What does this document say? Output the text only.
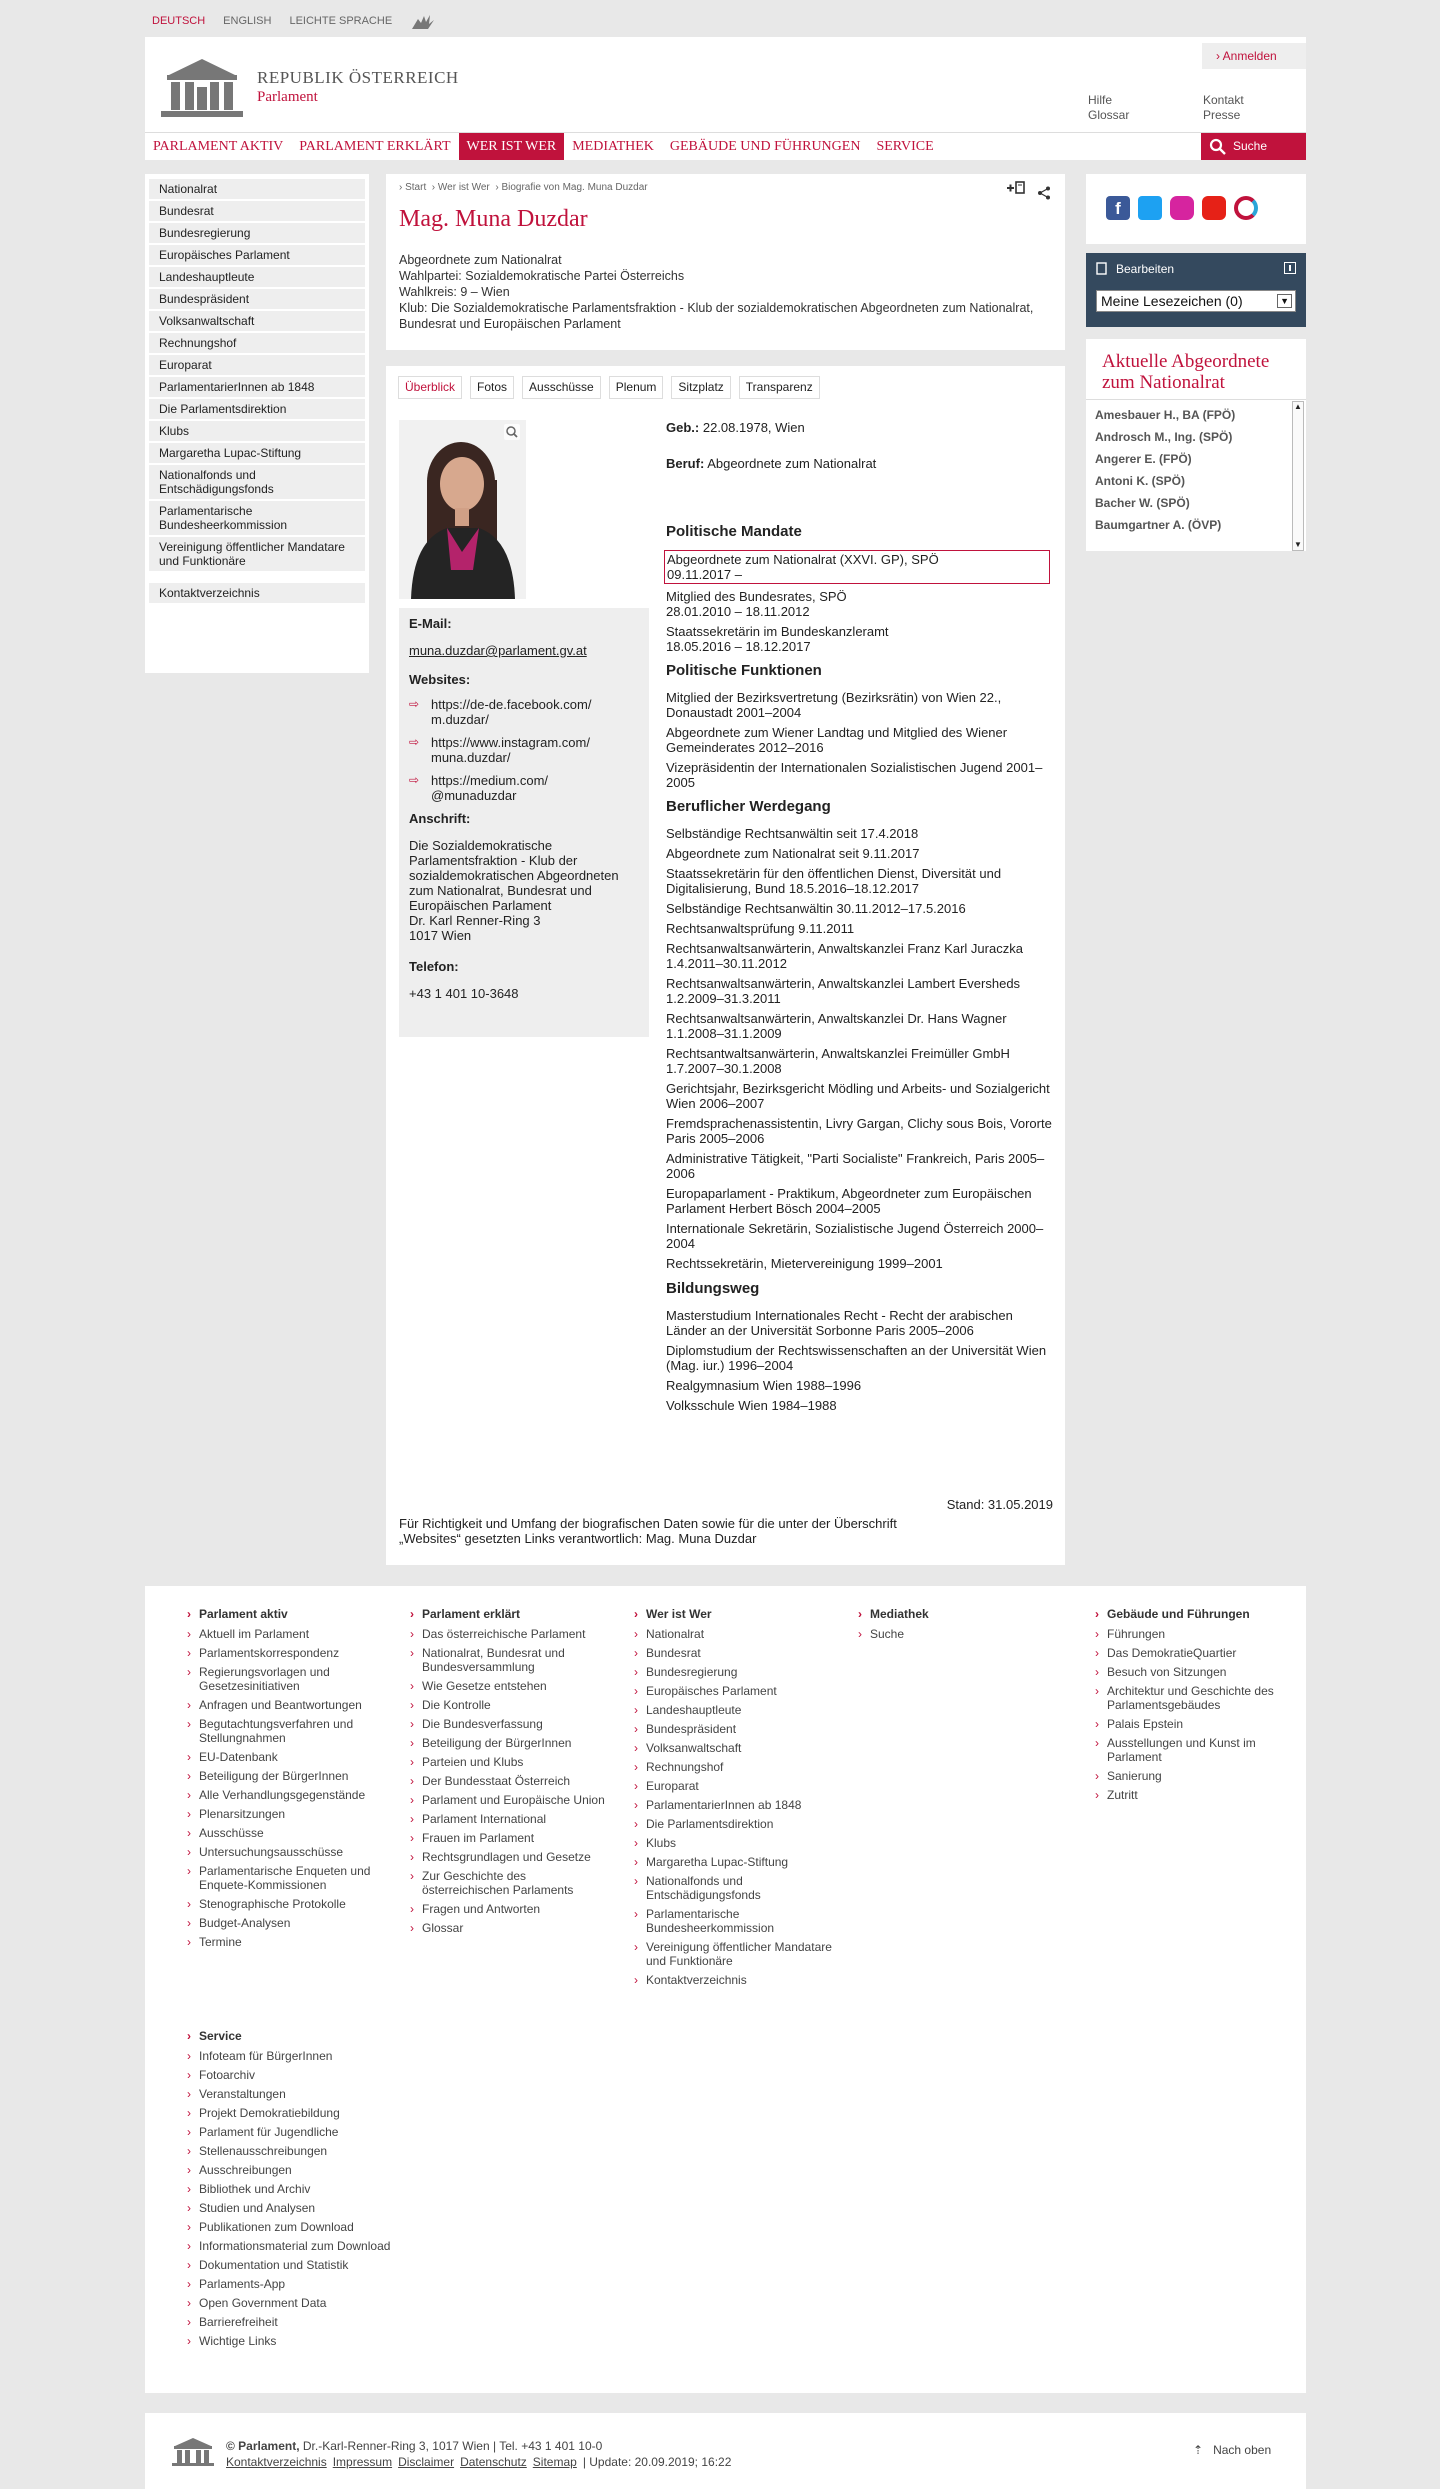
DEUTSCH ENGLISH LEICHTE SPRACHE
REPUBLIK ÖSTERREICH
Parlament
› Anmelden
Hilfe
Glossar
Kontakt
Presse
PARLAMENT AKTIV	PARLAMENT ERKLÄRT	WER IST WER	MEDIATHEK	GEBÄUDE UND FÜHRUNGEN	SERVICE	Suche
Nationalrat
Bundesrat
Bundesregierung
Europäisches Parlament
Landeshauptleute
Bundespräsident
Volksanwaltschaft
Rechnungshof
Europarat
ParlamentarierInnen ab 1848
Die Parlamentsdirektion
Klubs
Margaretha Lupac-Stiftung
Nationalfonds und Entschädigungsfonds
Parlamentarische Bundesheerkommission
Vereinigung öffentlicher Mandatare und Funktionäre
Kontaktverzeichnis
› Start  › Wer ist Wer  › Biografie von Mag. Muna Duzdar
Mag. Muna Duzdar
Abgeordnete zum Nationalrat
Wahlpartei: Sozialdemokratische Partei Österreichs
Wahlkreis: 9 – Wien
Klub: Die Sozialdemokratische Parlamentsfraktion - Klub der sozialdemokratischen Abgeordneten zum Nationalrat, Bundesrat und Europäischen Parlament
Überblick	Fotos	Ausschüsse	Plenum	Sitzplatz	Transparenz
E-Mail:
muna.duzdar@parlament.gv.at
Websites:
⇨ https://de-de.facebook.com/ m.duzdar/
⇨ https://www.instagram.com/ muna.duzdar/
⇨ https://medium.com/ @munaduzdar
Anschrift:
Die Sozialdemokratische
Parlamentsfraktion - Klub der
sozialdemokratischen Abgeordneten
zum Nationalrat, Bundesrat und
Europäischen Parlament
Dr. Karl Renner-Ring 3
1017 Wien
Telefon:
+43 1 401 10-3648
Geb.: 22.08.1978, Wien
Beruf: Abgeordnete zum Nationalrat
Politische Mandate
Abgeordnete zum Nationalrat (XXVI. GP), SPÖ
09.11.2017 –
Mitglied des Bundesrates, SPÖ
28.01.2010 – 18.11.2012
Staatssekretärin im Bundeskanzleramt
18.05.2016 – 18.12.2017
Politische Funktionen
Mitglied der Bezirksvertretung (Bezirksrätin) von Wien 22., Donaustadt 2001–2004
Abgeordnete zum Wiener Landtag und Mitglied des Wiener Gemeinderates 2012–2016
Vizepräsidentin der Internationalen Sozialistischen Jugend 2001–2005
Beruflicher Werdegang
Selbständige Rechtsanwältin seit 17.4.2018
Abgeordnete zum Nationalrat seit 9.11.2017
Staatssekretärin für den öffentlichen Dienst, Diversität und Digitalisierung, Bund 18.5.2016–18.12.2017
Selbständige Rechtsanwältin 30.11.2012–17.5.2016
Rechtsanwaltsprüfung 9.11.2011
Rechtsanwaltsanwärterin, Anwaltskanzlei Franz Karl Juraczka 1.4.2011–30.11.2012
Rechtsanwaltsanwärterin, Anwaltskanzlei Lambert Eversheds 1.2.2009–31.3.2011
Rechtsanwaltsanwärterin, Anwaltskanzlei Dr. Hans Wagner 1.1.2008–31.1.2009
Rechtsantwaltsanwärterin, Anwaltskanzlei Freimüller GmbH 1.7.2007–30.1.2008
Gerichtsjahr, Bezirksgericht Mödling und Arbeits- und Sozialgericht Wien 2006–2007
Fremdsprachenassistentin, Livry Gargan, Clichy sous Bois, Vororte Paris 2005–2006
Administrative Tätigkeit, "Parti Socialiste" Frankreich, Paris 2005–2006
Europaparlament - Praktikum, Abgeordneter zum Europäischen Parlament Herbert Bösch 2004–2005
Internationale Sekretärin, Sozialistische Jugend Österreich 2000–2004
Rechtssekretärin, Mietervereinigung 1999–2001
Bildungsweg
Masterstudium Internationales Recht - Recht der arabischen Länder an der Universität Sorbonne Paris 2005–2006
Diplomstudium der Rechtswissenschaften an der Universität Wien (Mag. iur.) 1996–2004
Realgymnasium Wien 1988–1996
Volksschule Wien 1984–1988
Stand: 31.05.2019
Für Richtigkeit und Umfang der biografischen Daten sowie für die unter der Überschrift „Websites“ gesetzten Links verantwortlich: Mag. Muna Duzdar
f
Bearbeiten
Meine Lesezeichen (0)	▼
Aktuelle Abgeordnete zum Nationalrat
Amesbauer H., BA (FPÖ)
Androsch M., Ing. (SPÖ)
Angerer E. (FPÖ)
Antoni K. (SPÖ)
Bacher W. (SPÖ)
Baumgartner A. (ÖVP)
▲
▼
› Parlament aktiv
› Aktuell im Parlament
› Parlamentskorrespondenz
› Regierungsvorlagen und Gesetzesinitiativen
› Anfragen und Beantwortungen
› Begutachtungsverfahren und Stellungnahmen
› EU-Datenbank
› Beteiligung der BürgerInnen
› Alle Verhandlungsgegenstände
› Plenarsitzungen
› Ausschüsse
› Untersuchungsausschüsse
› Parlamentarische Enqueten und Enquete-Kommissionen
› Stenographische Protokolle
› Budget-Analysen
› Termine
› Parlament erklärt
› Das österreichische Parlament
› Nationalrat, Bundesrat und Bundesversammlung
› Wie Gesetze entstehen
› Die Kontrolle
› Die Bundesverfassung
› Beteiligung der BürgerInnen
› Parteien und Klubs
› Der Bundesstaat Österreich
› Parlament und Europäische Union
› Parlament International
› Frauen im Parlament
› Rechtsgrundlagen und Gesetze
› Zur Geschichte des österreichischen Parlaments
› Fragen und Antworten
› Glossar
› Wer ist Wer
› Nationalrat
› Bundesrat
› Bundesregierung
› Europäisches Parlament
› Landeshauptleute
› Bundespräsident
› Volksanwaltschaft
› Rechnungshof
› Europarat
› ParlamentarierInnen ab 1848
› Die Parlamentsdirektion
› Klubs
› Margaretha Lupac-Stiftung
› Nationalfonds und Entschädigungsfonds
› Parlamentarische Bundesheerkommission
› Vereinigung öffentlicher Mandatare und Funktionäre
› Kontaktverzeichnis
› Mediathek
› Suche
› Gebäude und Führungen
› Führungen
› Das DemokratieQuartier
› Besuch von Sitzungen
› Architektur und Geschichte des Parlamentsgebäudes
› Palais Epstein
› Ausstellungen und Kunst im Parlament
› Sanierung
› Zutritt
› Service
› Infoteam für BürgerInnen
› Fotoarchiv
› Veranstaltungen
› Projekt Demokratiebildung
› Parlament für Jugendliche
› Stellenausschreibungen
› Ausschreibungen
› Bibliothek und Archiv
› Studien und Analysen
› Publikationen zum Download
› Informationsmaterial zum Download
› Dokumentation und Statistik
› Parlaments-App
› Open Government Data
› Barrierefreiheit
› Wichtige Links
© Parlament, Dr.-Karl-Renner-Ring 3, 1017 Wien | Tel. +43 1 401 10-0
Kontaktverzeichnis Impressum Disclaimer Datenschutz Sitemap | Update: 20.09.2019; 16:22
⇡ Nach oben
